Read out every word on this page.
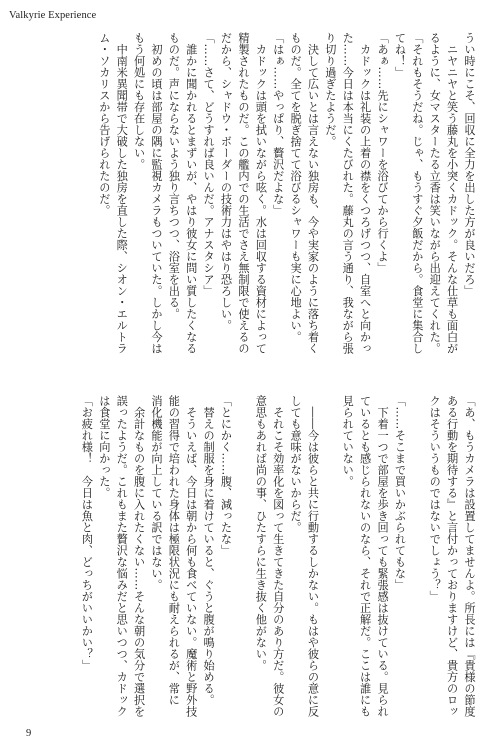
Valkyrie Experience
うい時にこそ、回収に全力を出した方が良いだろ」
　ニヤニヤと笑う藤丸を小突くカドック。そんな仕草も面白が
るように、女マスターたる立香は笑いながら出迎えてくれた。
「それもそうだね。じゃ、もうすぐ夕飯だから。食堂に集合し
てね！」
「あぁ……先にシャワーを浴びてから行くよ」
　カドックは礼装の上着の襟をくつろげつつ、自室へと向かっ
た……今日は本当にくたびれた。藤丸の言う通り、我ながら張
り切り過ぎたようだ。
　決して広いとは言えない独房も、今や実家のように落ち着く
ものだ。全てを脱ぎ捨てて浴びるシャワーも実に心地よい。
「はぁ……やっぱり、贅沢だよな」
　カドックは頭を拭いながら呟く。水は回収する資材によって
精製されたものだ。この艦内での生活でさえ無制限で使えるの
だから、シャドウ・ボーダーの技術力はやはり恐ろしい。
「……さて、どうすれば良いんだ。アナスタシア」
　誰かに聞かれるとまずいが、やはり彼女に問い質したくなる
ものだ。声にならないよう独り言ちつつ、浴室を出る。
　初めの頃は部屋の隅に監視カメラもついていた。しかし今は
もう何処にも存在しない。
　中南米異聞帯で大破した独房を直した際、シオン・エルトラ
ム・ソカリスから告げられたのだ。
「あ、もうカメラは設置してませんよ。所長には『貴様の節度
ある行動を期待する』と言付かっておりますけど、貴方のロッ
クはそういうものではないでしょう？」
「……そこまで買いかぶられてもな」
　下着一つで部屋を歩き回っても緊張感は抜けている。見られ
ているとも感じられないのなら、それで正解だ。ここは誰にも
見られていない。
　――今は彼らと共に行動するしかない。もはや彼らの意に反
しても意味がないからだ。
　それこそ効率化を図って生きてきた自分のあり方だ。彼女の
意思もあれば尚の事、ひたすらに生き抜く他がない。
「とにかく……腹、減ったな」
　替えの制服を身に着けていると、ぐうと腹が鳴り始める。
　そういえば、今日は朝から何も食べていない。魔術と野外技
能の習得で培われた身体は極限状況にも耐えられるが、常に
消化機能が向上している訳ではない。
　余計なものを腹に入れたくない……そんな朝の気分で選択を
誤ったようだ。これもまた贅沢な悩みだと思いつつ、カドック
は食堂に向かった。
「お疲れ様！　今日は魚と肉、どっちがいいかい？」
9
